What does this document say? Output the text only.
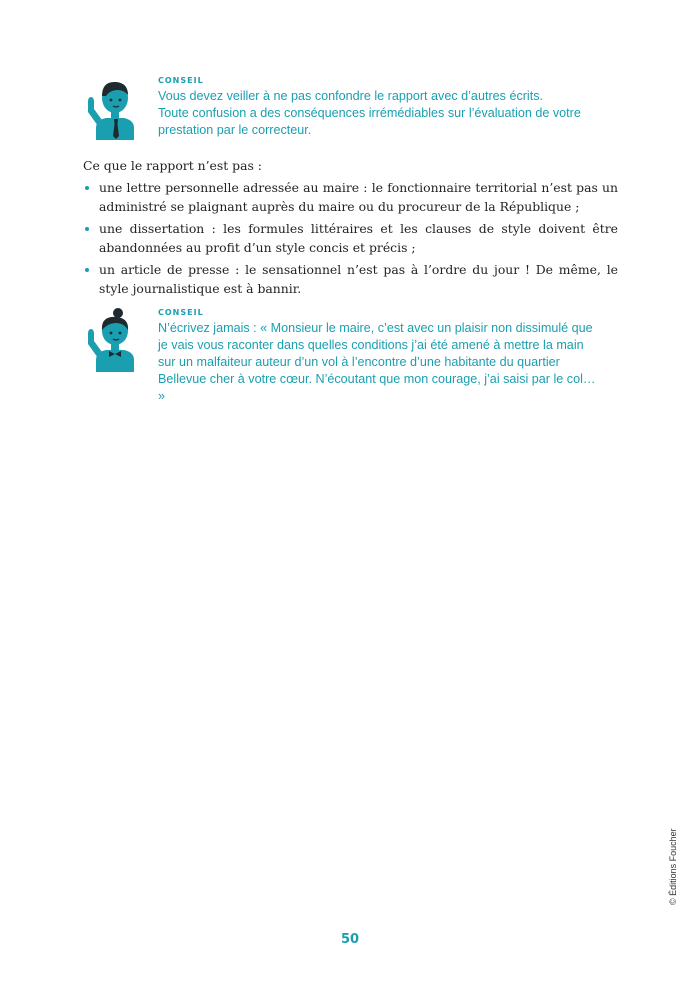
CONSEIL
Vous devez veiller à ne pas confondre le rapport avec d’autres écrits.
Toute confusion a des conséquences irrémédiables sur l’évaluation de votre
prestation par le correcteur.

Ce que le rapport n’est pas :

une lettre personnelle adressée au maire : le fonctionnaire territorial n’est pas un administré se plaignant auprès du maire ou du procureur de la République ;
une dissertation : les formules littéraires et les clauses de style doivent être abandonnées au profit d’un style concis et précis ;
un article de presse : le sensationnel n’est pas à l’ordre du jour ! De même, le style journalistique est à bannir.
CONSEIL
N’écrivez jamais : « Monsieur le maire, c’est avec un plaisir non dissimulé que
je vais vous raconter dans quelles conditions j’ai été amené à mettre la main
sur un malfaiteur auteur d’un vol à l’encontre d’une habitante du quartier
Bellevue cher à votre cœur. N’écoutant que mon courage, j’ai saisi par le col… »
© Éditions Foucher
50
